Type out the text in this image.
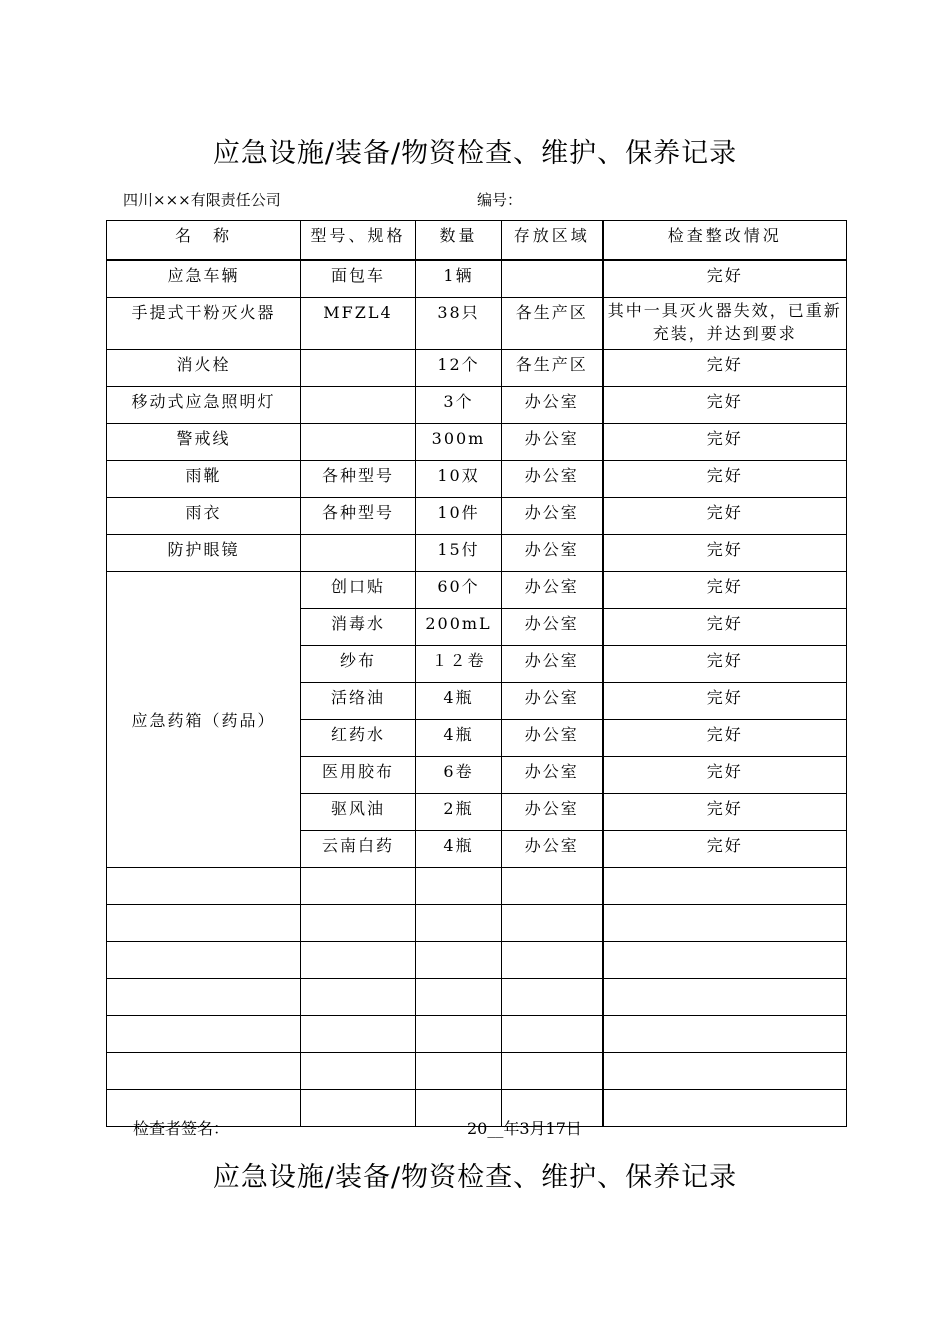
应急设施/装备/物资检查、维护、保养记录
四川×××有限责任公司	编号：
名　称	型号、规格	数量	存放区域	检查整改情况
应急车辆	面包车	1辆		完好
手提式干粉灭火器	MFZL4	38只	各生产区	其中一具灭火器失效，已重新充装，并达到要求
消火栓		12个	各生产区	完好
移动式应急照明灯		3个	办公室	完好
警戒线		300m	办公室	完好
雨靴	各种型号	10双	办公室	完好
雨衣	各种型号	10件	办公室	完好
防护眼镜		15付	办公室	完好
应急药箱（药品）	创口贴	60个	办公室	完好
	消毒水	200mL	办公室	完好
	纱布	１２卷	办公室	完好
	活络油	4瓶	办公室	完好
	红药水	4瓶	办公室	完好
	医用胶布	6卷	办公室	完好
	驱风油	2瓶	办公室	完好
	云南白药	4瓶	办公室	完好

检查者签名：	20__年3月17日
应急设施/装备/物资检查、维护、保养记录
